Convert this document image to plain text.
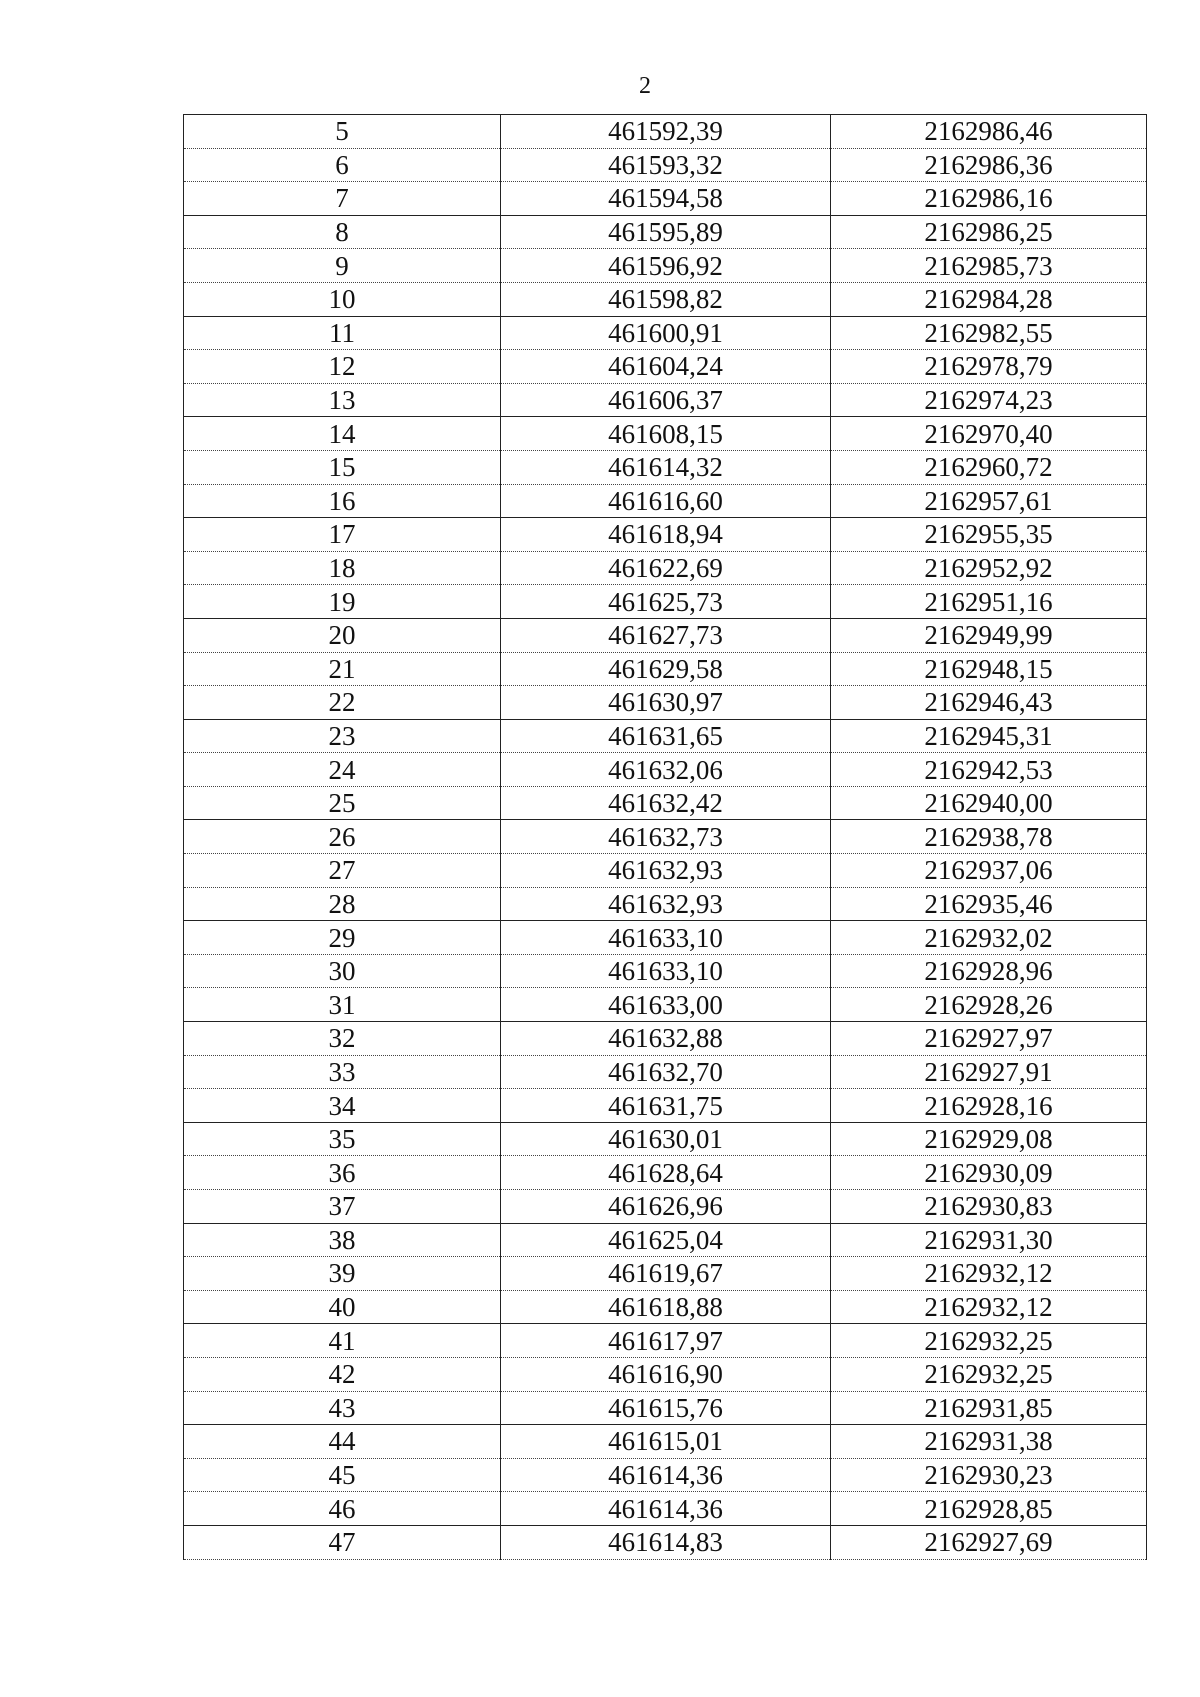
2
5	461592,39	2162986,46
6	461593,32	2162986,36
7	461594,58	2162986,16
8	461595,89	2162986,25
9	461596,92	2162985,73
10	461598,82	2162984,28
11	461600,91	2162982,55
12	461604,24	2162978,79
13	461606,37	2162974,23
14	461608,15	2162970,40
15	461614,32	2162960,72
16	461616,60	2162957,61
17	461618,94	2162955,35
18	461622,69	2162952,92
19	461625,73	2162951,16
20	461627,73	2162949,99
21	461629,58	2162948,15
22	461630,97	2162946,43
23	461631,65	2162945,31
24	461632,06	2162942,53
25	461632,42	2162940,00
26	461632,73	2162938,78
27	461632,93	2162937,06
28	461632,93	2162935,46
29	461633,10	2162932,02
30	461633,10	2162928,96
31	461633,00	2162928,26
32	461632,88	2162927,97
33	461632,70	2162927,91
34	461631,75	2162928,16
35	461630,01	2162929,08
36	461628,64	2162930,09
37	461626,96	2162930,83
38	461625,04	2162931,30
39	461619,67	2162932,12
40	461618,88	2162932,12
41	461617,97	2162932,25
42	461616,90	2162932,25
43	461615,76	2162931,85
44	461615,01	2162931,38
45	461614,36	2162930,23
46	461614,36	2162928,85
47	461614,83	2162927,69
